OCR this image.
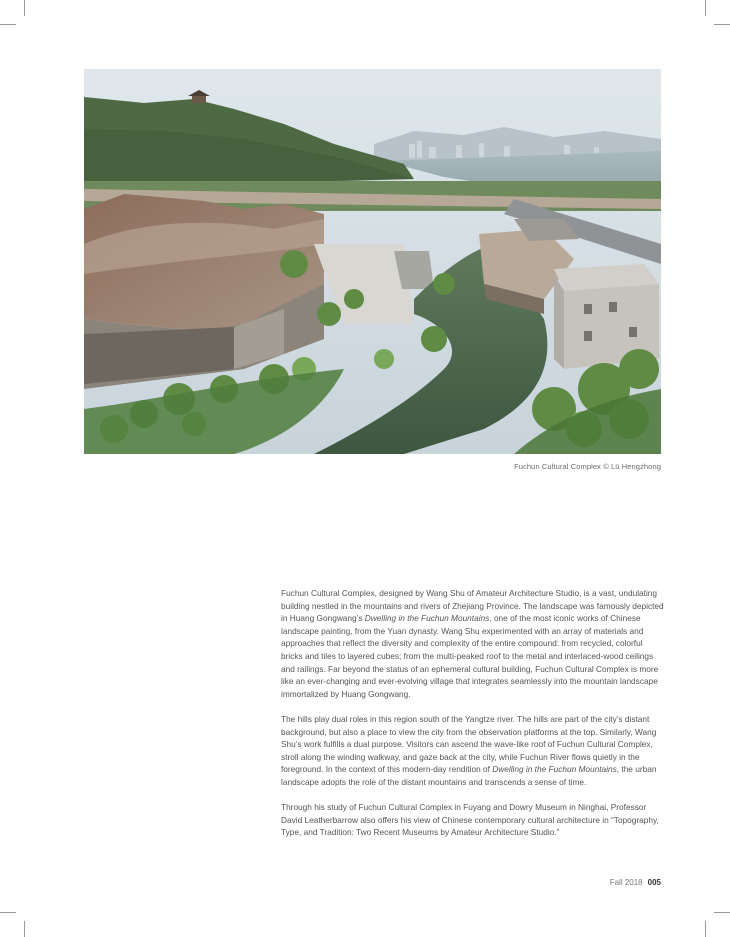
Fuchun Cultural Complex © Lü Hengzhong

Fuchun Cultural Complex, designed by Wang Shu of Amateur Architecture Studio, is a vast, undulating building nestled in the mountains and rivers of Zhejiang Province. The landscape was famously depicted in Huang Gongwang’s Dwelling in the Fuchun Mountains, one of the most iconic works of Chinese landscape painting, from the Yuan dynasty. Wang Shu experimented with an array of materials and approaches that reflect the diversity and complexity of the entire compound: from recycled, colorful bricks and tiles to layered cubes; from the multi-peaked roof to the metal and interlaced-wood ceilings and railings. Far beyond the status of an ephemeral cultural building, Fuchun Cultural Complex is more like an ever-changing and ever-evolving village that integrates seamlessly into the mountain landscape immortalized by Huang Gongwang.

The hills play dual roles in this region south of the Yangtze river. The hills are part of the city’s distant background, but also a place to view the city from the observation platforms at the top. Similarly, Wang Shu’s work fulfills a dual purpose. Visitors can ascend the wave-like roof of Fuchun Cultural Complex, stroll along the winding walkway, and gaze back at the city, while Fuchun River flows quietly in the foreground. In the context of this modern-day rendition of Dwelling in the Fuchun Mountains, the urban landscape adopts the role of the distant mountains and transcends a sense of time.

Through his study of Fuchun Cultural Complex in Fuyang and Dowry Museum in Ninghai, Professor David Leatherbarrow also offers his view of Chinese contemporary cultural architecture in “Topography, Type, and Tradition: Two Recent Museums by Amateur Architecture Studio.”

Fall 2018 005
